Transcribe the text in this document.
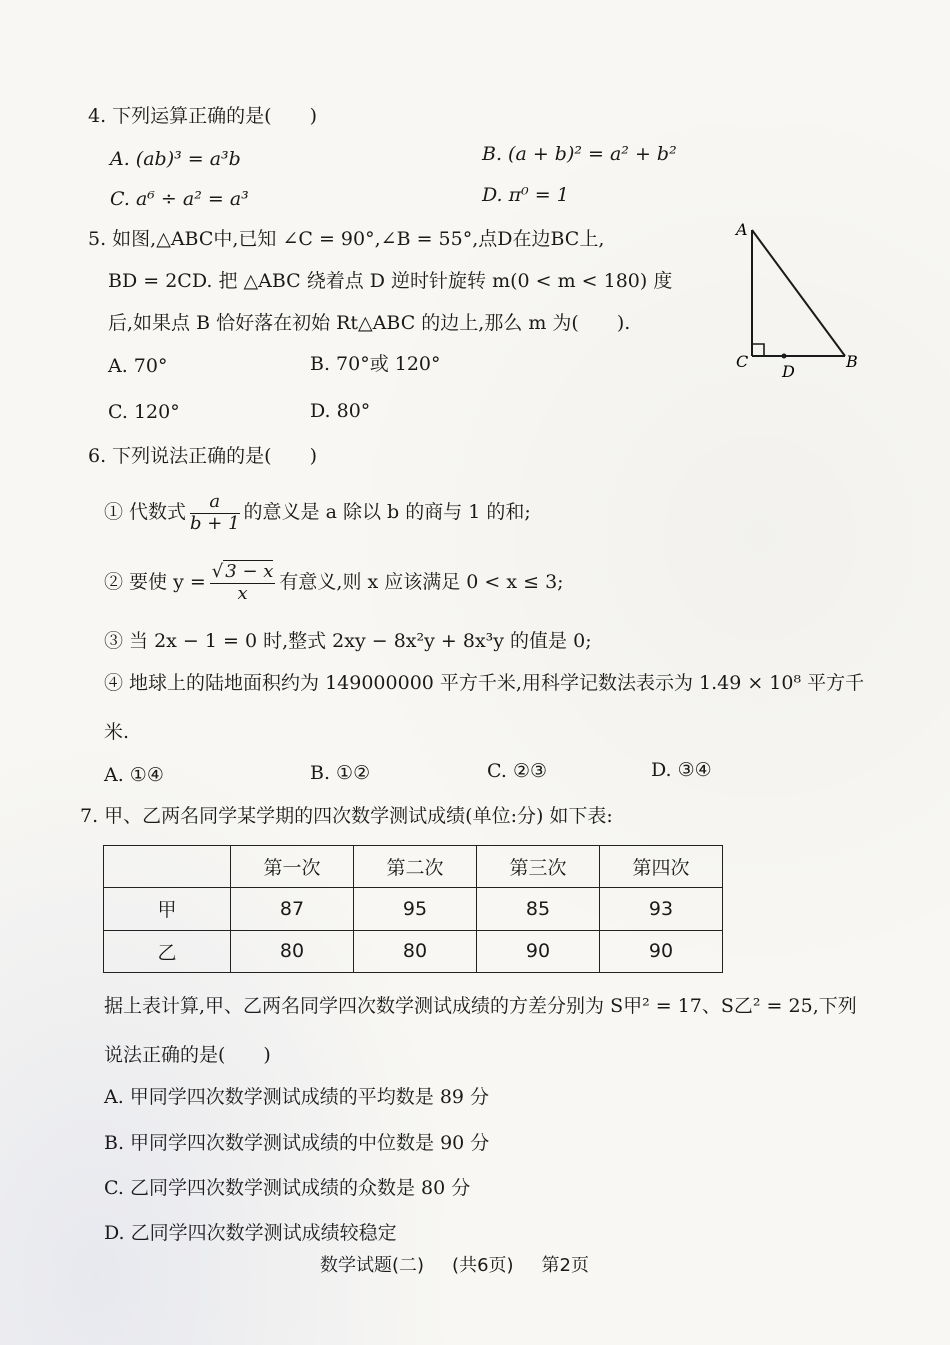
4. 下列运算正确的是(　　)
A. (ab)³ = a³b	B. (a + b)² = a² + b²
C. a⁶ ÷ a² = a³	D. π⁰ = 1
5. 如图,△ABC中,已知 ∠C = 90°,∠B = 55°,点D在边BC上,
BD = 2CD. 把 △ABC 绕着点 D 逆时针旋转 m(0 < m < 180) 度
后,如果点 B 恰好落在初始 Rt△ABC 的边上,那么 m 为(　　).
A. 70°	B. 70°或 120°
C. 120°	D. 80°
A
C
D
B
6. 下列说法正确的是(　　)
① 代数式 $\frac{a}{b + 1}$ 的意义是 a 除以 b 的商与 1 的和;
② 要使 $y = \frac{√ 3 - x}{x}$ 有意义,则 x 应该满足 0 < x ≤ 3;
③ 当 2x − 1 = 0 时,整式 2xy − 8x²y + 8x³y 的值是 0;
④ 地球上的陆地面积约为 149000000 平方千米,用科学记数法表示为 1.49 × 10⁸ 平方千
米.
A. ①④	B. ①②	C. ②③	D. ③④
7. 甲、乙两名同学某学期的四次数学测试成绩(单位:分) 如下表:
	第一次	第二次	第三次	第四次
甲	87	95	85	93
乙	80	80	90	90
据上表计算,甲、乙两名同学四次数学测试成绩的方差分别为 S甲² = 17、S乙² = 25,下列
说法正确的是(　　)
A. 甲同学四次数学测试成绩的平均数是 89 分
B. 甲同学四次数学测试成绩的中位数是 90 分
C. 乙同学四次数学测试成绩的众数是 80 分
D. 乙同学四次数学测试成绩较稳定
数学试题(二) (共6页) 第2页
